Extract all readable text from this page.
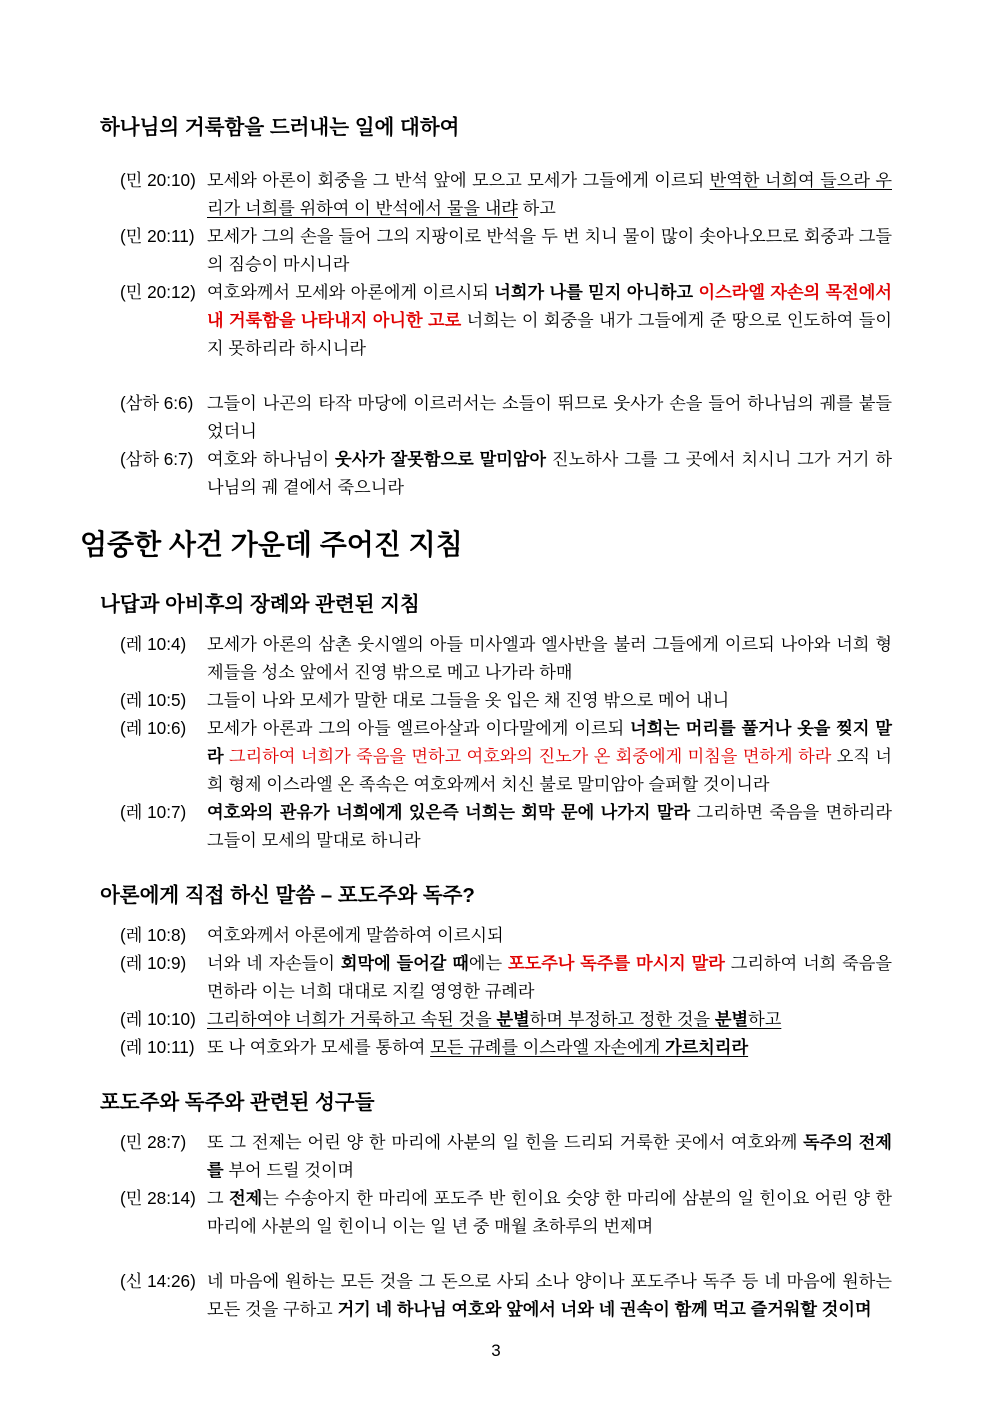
하나님의 거룩함을 드러내는 일에 대하여
(민 20:10) 모세와 아론이 회중을 그 반석 앞에 모으고 모세가 그들에게 이르되 반역한 너희여 들으라 우리가 너희를 위하여 이 반석에서 물을 내랴 하고
(민 20:11) 모세가 그의 손을 들어 그의 지팡이로 반석을 두 번 치니 물이 많이 솟아나오므로 회중과 그들의 짐승이 마시니라
(민 20:12) 여호와께서 모세와 아론에게 이르시되 너희가 나를 믿지 아니하고 이스라엘 자손의 목전에서 내 거룩함을 나타내지 아니한 고로 너희는 이 회중을 내가 그들에게 준 땅으로 인도하여 들이지 못하리라 하시니라
(삼하 6:6) 그들이 나곤의 타작 마당에 이르러서는 소들이 뛰므로 웃사가 손을 들어 하나님의 궤를 붙들었더니
(삼하 6:7) 여호와 하나님이 웃사가 잘못함으로 말미암아 진노하사 그를 그 곳에서 치시니 그가 거기 하나님의 궤 곁에서 죽으니라
엄중한 사건 가운데 주어진 지침
나답과 아비후의 장례와 관련된 지침
(레 10:4) 모세가 아론의 삼촌 웃시엘의 아들 미사엘과 엘사반을 불러 그들에게 이르되 나아와 너희 형제들을 성소 앞에서 진영 밖으로 메고 나가라 하매
(레 10:5) 그들이 나와 모세가 말한 대로 그들을 옷 입은 채 진영 밖으로 메어 내니
(레 10:6) 모세가 아론과 그의 아들 엘르아살과 이다말에게 이르되 너희는 머리를 풀거나 옷을 찢지 말라 그리하여 너희가 죽음을 면하고 여호와의 진노가 온 회중에게 미침을 면하게 하라 오직 너희 형제 이스라엘 온 족속은 여호와께서 치신 불로 말미암아 슬퍼할 것이니라
(레 10:7) 여호와의 관유가 너희에게 있은즉 너희는 회막 문에 나가지 말라 그리하면 죽음을 면하리라 그들이 모세의 말대로 하니라
아론에게 직접 하신 말씀 – 포도주와 독주?
(레 10:8) 여호와께서 아론에게 말씀하여 이르시되
(레 10:9) 너와 네 자손들이 회막에 들어갈 때에는 포도주나 독주를 마시지 말라 그리하여 너희 죽음을 면하라 이는 너희 대대로 지킬 영영한 규례라
(레 10:10) 그리하여야 너희가 거룩하고 속된 것을 분별하며 부정하고 정한 것을 분별하고
(레 10:11) 또 나 여호와가 모세를 통하여 모든 규례를 이스라엘 자손에게 가르치리라
포도주와 독주와 관련된 성구들
(민 28:7) 또 그 전제는 어린 양 한 마리에 사분의 일 힌을 드리되 거룩한 곳에서 여호와께 독주의 전제를 부어 드릴 것이며
(민 28:14) 그 전제는 수송아지 한 마리에 포도주 반 힌이요 숫양 한 마리에 삼분의 일 힌이요 어린 양 한 마리에 사분의 일 힌이니 이는 일 년 중 매월 초하루의 번제며
(신 14:26) 네 마음에 원하는 모든 것을 그 돈으로 사되 소나 양이나 포도주나 독주 등 네 마음에 원하는 모든 것을 구하고 거기 네 하나님 여호와 앞에서 너와 네 권속이 함께 먹고 즐거워할 것이며
3
